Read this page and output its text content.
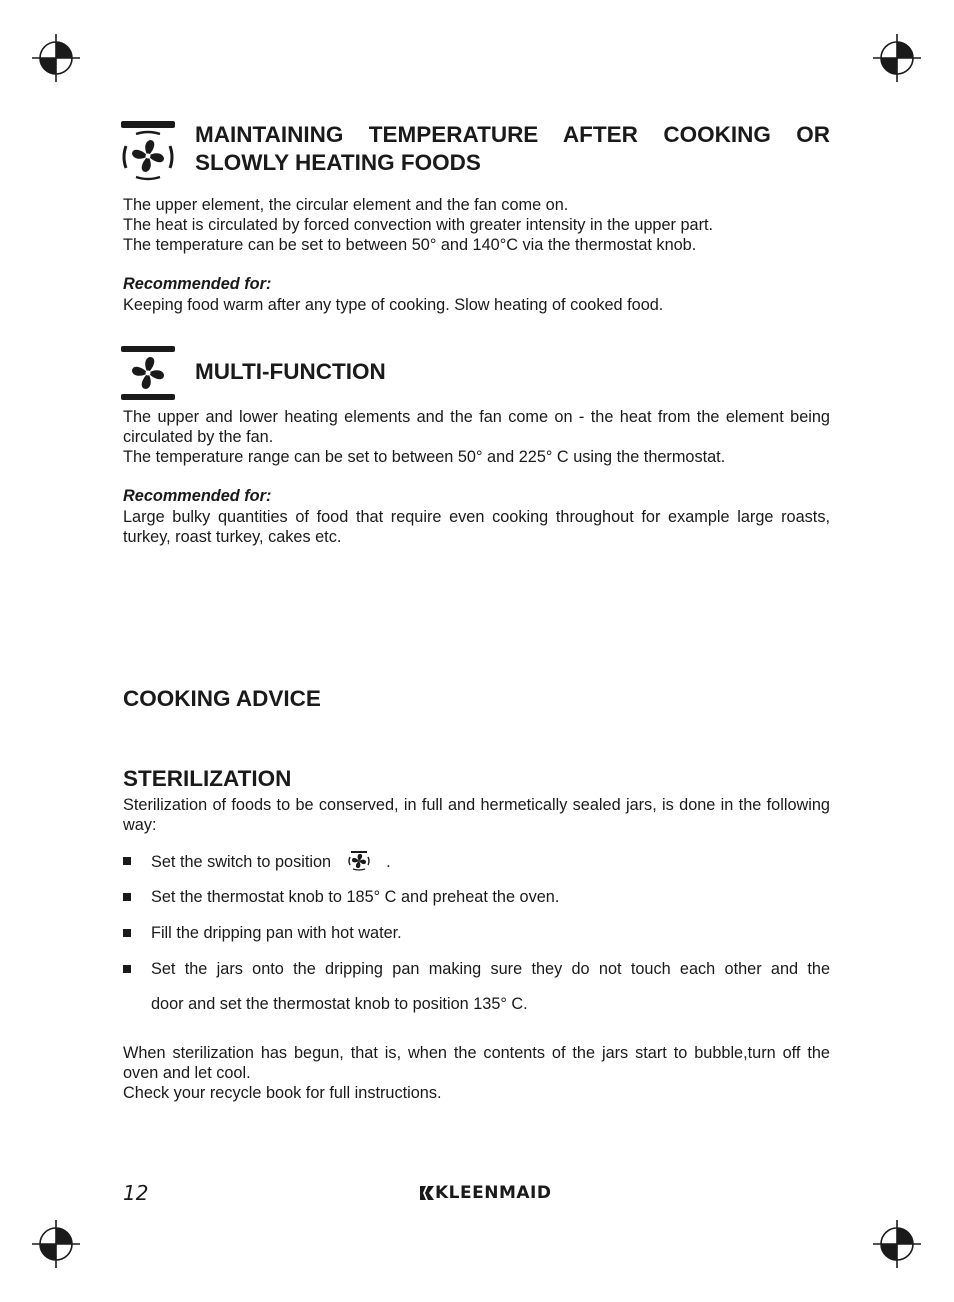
MAINTAINING TEMPERATURE AFTER COOKING OR
SLOWLY HEATING FOODS
The upper element, the circular element and the fan come on.
The heat is circulated by forced convection with greater intensity in the upper part.
The temperature can be set to between 50° and 140°C via the thermostat knob.
Recommended for:
Keeping food warm after any type of cooking. Slow heating of cooked food.
MULTI-FUNCTION
The upper and lower heating elements and the fan come on - the heat from the element being circulated by the fan.
The temperature range can be set to between 50° and 225° C using the thermostat.
Recommended for:
Large bulky quantities of food that require even cooking throughout for example large roasts, turkey, roast turkey, cakes etc.
COOKING ADVICE
STERILIZATION
Sterilization of foods to be conserved, in full and hermetically sealed jars, is done in the following way:
Set the switch to position	.
Set the thermostat knob to 185° C and preheat the oven.
Fill the dripping pan with hot water.
Set the jars onto the dripping pan making sure they do not touch each other and the
door and set the thermostat knob to position 135° C.
When sterilization has begun, that is, when the contents of the jars start to bubble,turn off the oven and let cool.
Check your recycle book for full instructions.
12	KLEENMAID
